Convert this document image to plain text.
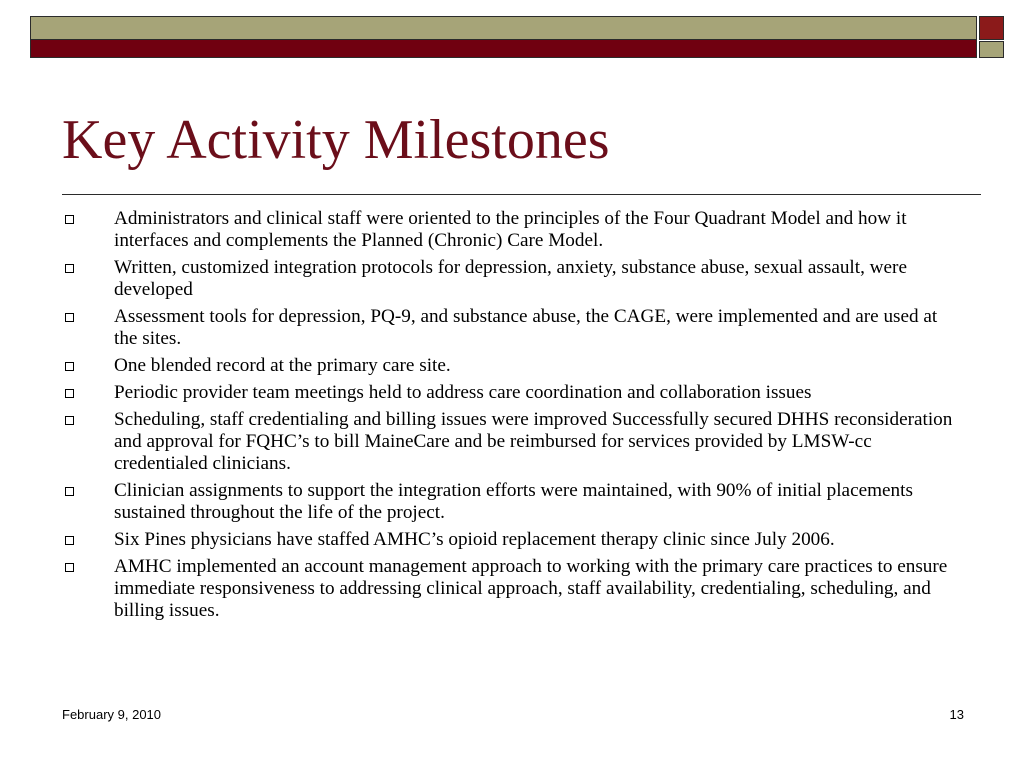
Key Activity Milestones
Administrators and clinical staff were oriented to the principles of the Four Quadrant Model and how it interfaces and complements the Planned (Chronic) Care Model.
Written, customized integration protocols for depression, anxiety, substance abuse, sexual assault, were developed
Assessment tools for depression, PQ-9, and substance abuse, the CAGE, were implemented and are used at the sites.
One blended record at the primary care site.
Periodic provider team meetings held to address care coordination and collaboration issues
Scheduling, staff credentialing and billing issues were improved Successfully secured DHHS reconsideration and approval for FQHC’s to bill MaineCare and be reimbursed for services provided by LMSW-cc credentialed clinicians.
Clinician assignments to support the integration efforts were maintained, with 90% of initial placements sustained throughout the life of the project.
Six Pines physicians have staffed AMHC’s opioid replacement therapy clinic since July 2006.
AMHC implemented an account management approach to working with the primary care practices to ensure immediate responsiveness to addressing clinical approach, staff availability, credentialing, scheduling, and billing issues.
February 9, 2010	13
